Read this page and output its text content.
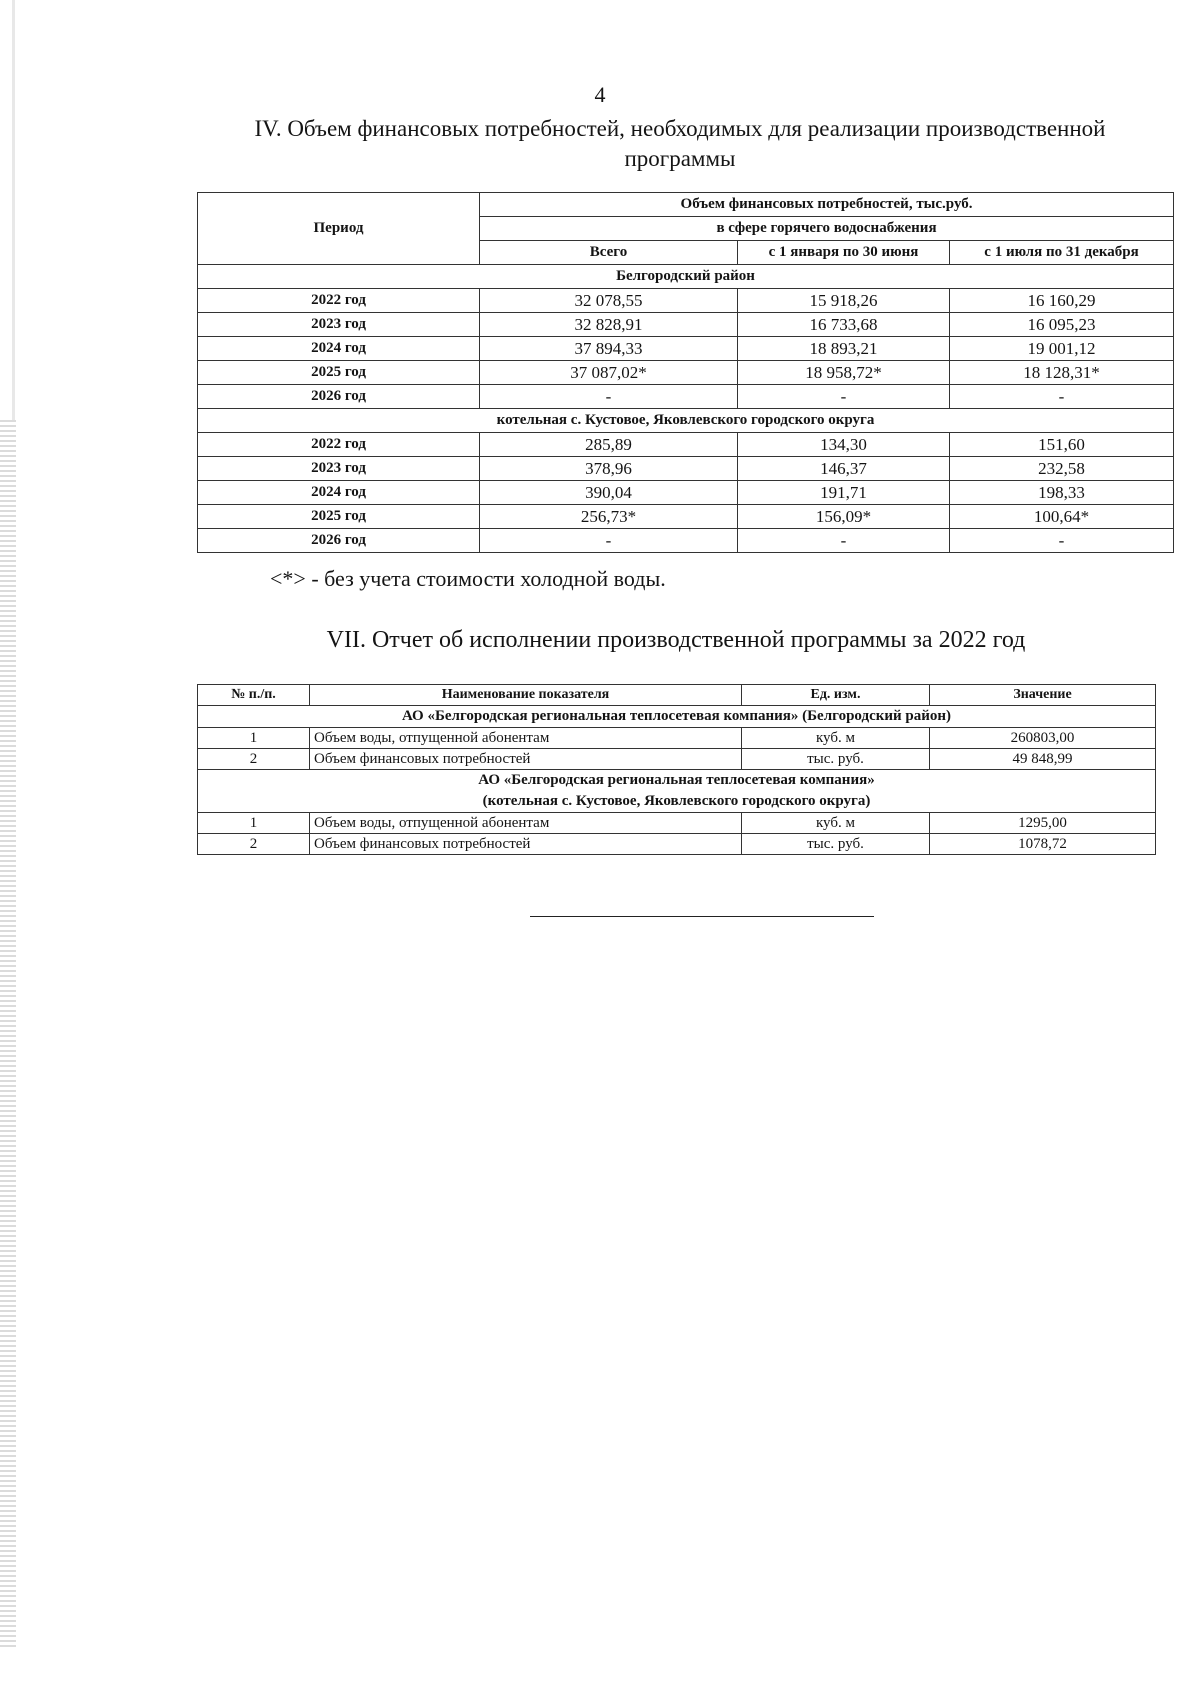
4
IV. Объем финансовых потребностей, необходимых для реализации производственной программы
Период	Объем финансовых потребностей, тыс.руб.		
	в сфере горячего водоснабжения		
	Всего	с 1 января по 30 июня	с 1 июля по 31 декабря
Белгородский район			
2022 год	32 078,55	15 918,26	16 160,29
2023 год	32 828,91	16 733,68	16 095,23
2024 год	37 894,33	18 893,21	19 001,12
2025 год	37 087,02*	18 958,72*	18 128,31*
2026 год	-	-	-
котельная с. Кустовое, Яковлевского городского округа			
2022 год	285,89	134,30	151,60
2023 год	378,96	146,37	232,58
2024 год	390,04	191,71	198,33
2025 год	256,73*	156,09*	100,64*
2026 год	-	-	-
<*> - без учета стоимости холодной воды.
VII. Отчет об исполнении производственной программы за 2022 год
№ п./п.	Наименование показателя	Ед. изм.	Значение

АО «Белгородская региональная теплосетевая компания» (Белгородский район)			

1	Объем воды, отпущенной абонентам	куб. м	260803,00
2	Объем финансовых потребностей	тыс. руб.	49 848,99

АО «Белгородская региональная теплосетевая компания»
(котельная с. Кустовое, Яковлевского городского округа)			

1	Объем воды, отпущенной абонентам	куб. м	1295,00
2	Объем финансовых потребностей	тыс. руб.	1078,72
